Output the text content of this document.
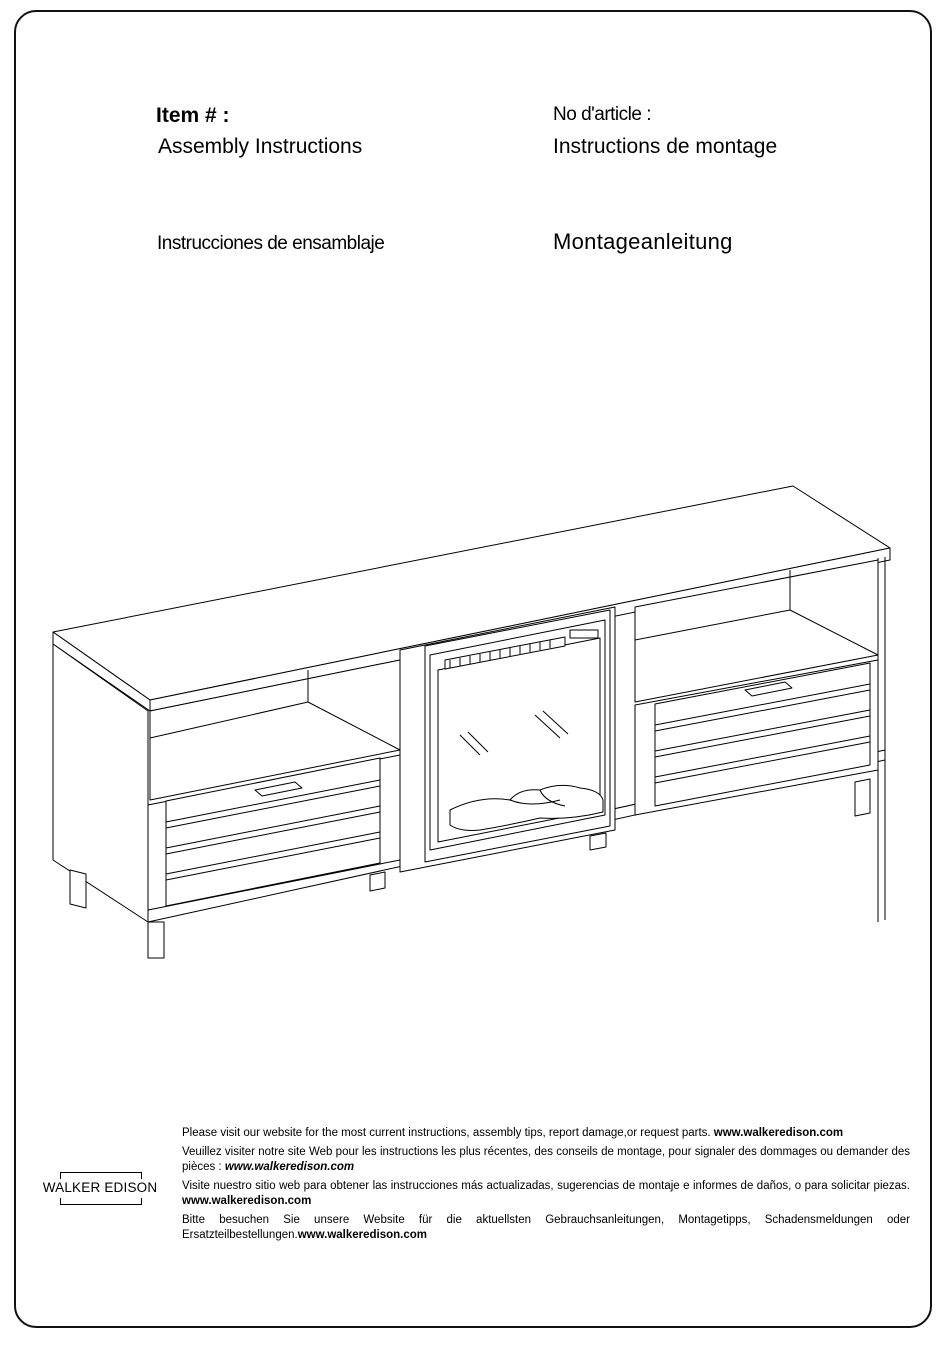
Item # :
Assembly Instructions
No d'article :
Instructions de montage
Instrucciones de ensamblaje	Montageanleitung

Please visit our website for the most current instructions, assembly tips, report damage,or request parts. www.walkeredison.com

Veuillez visiter notre site Web pour les instructions les plus récentes, des conseils de montage, pour signaler des dommages ou demander des pièces : www.walkeredison.com

Visite nuestro sitio web para obtener las instrucciones más actualizadas, sugerencias de montaje e informes de daños, o para solicitar piezas. www.walkeredison.com

Bitte besuchen Sie unsere Website für die aktuellsten Gebrauchsanleitungen, Montagetipps, Schadensmeldungen oder Ersatzteilbestellungen.www.walkeredison.com

WALKER EDISON
